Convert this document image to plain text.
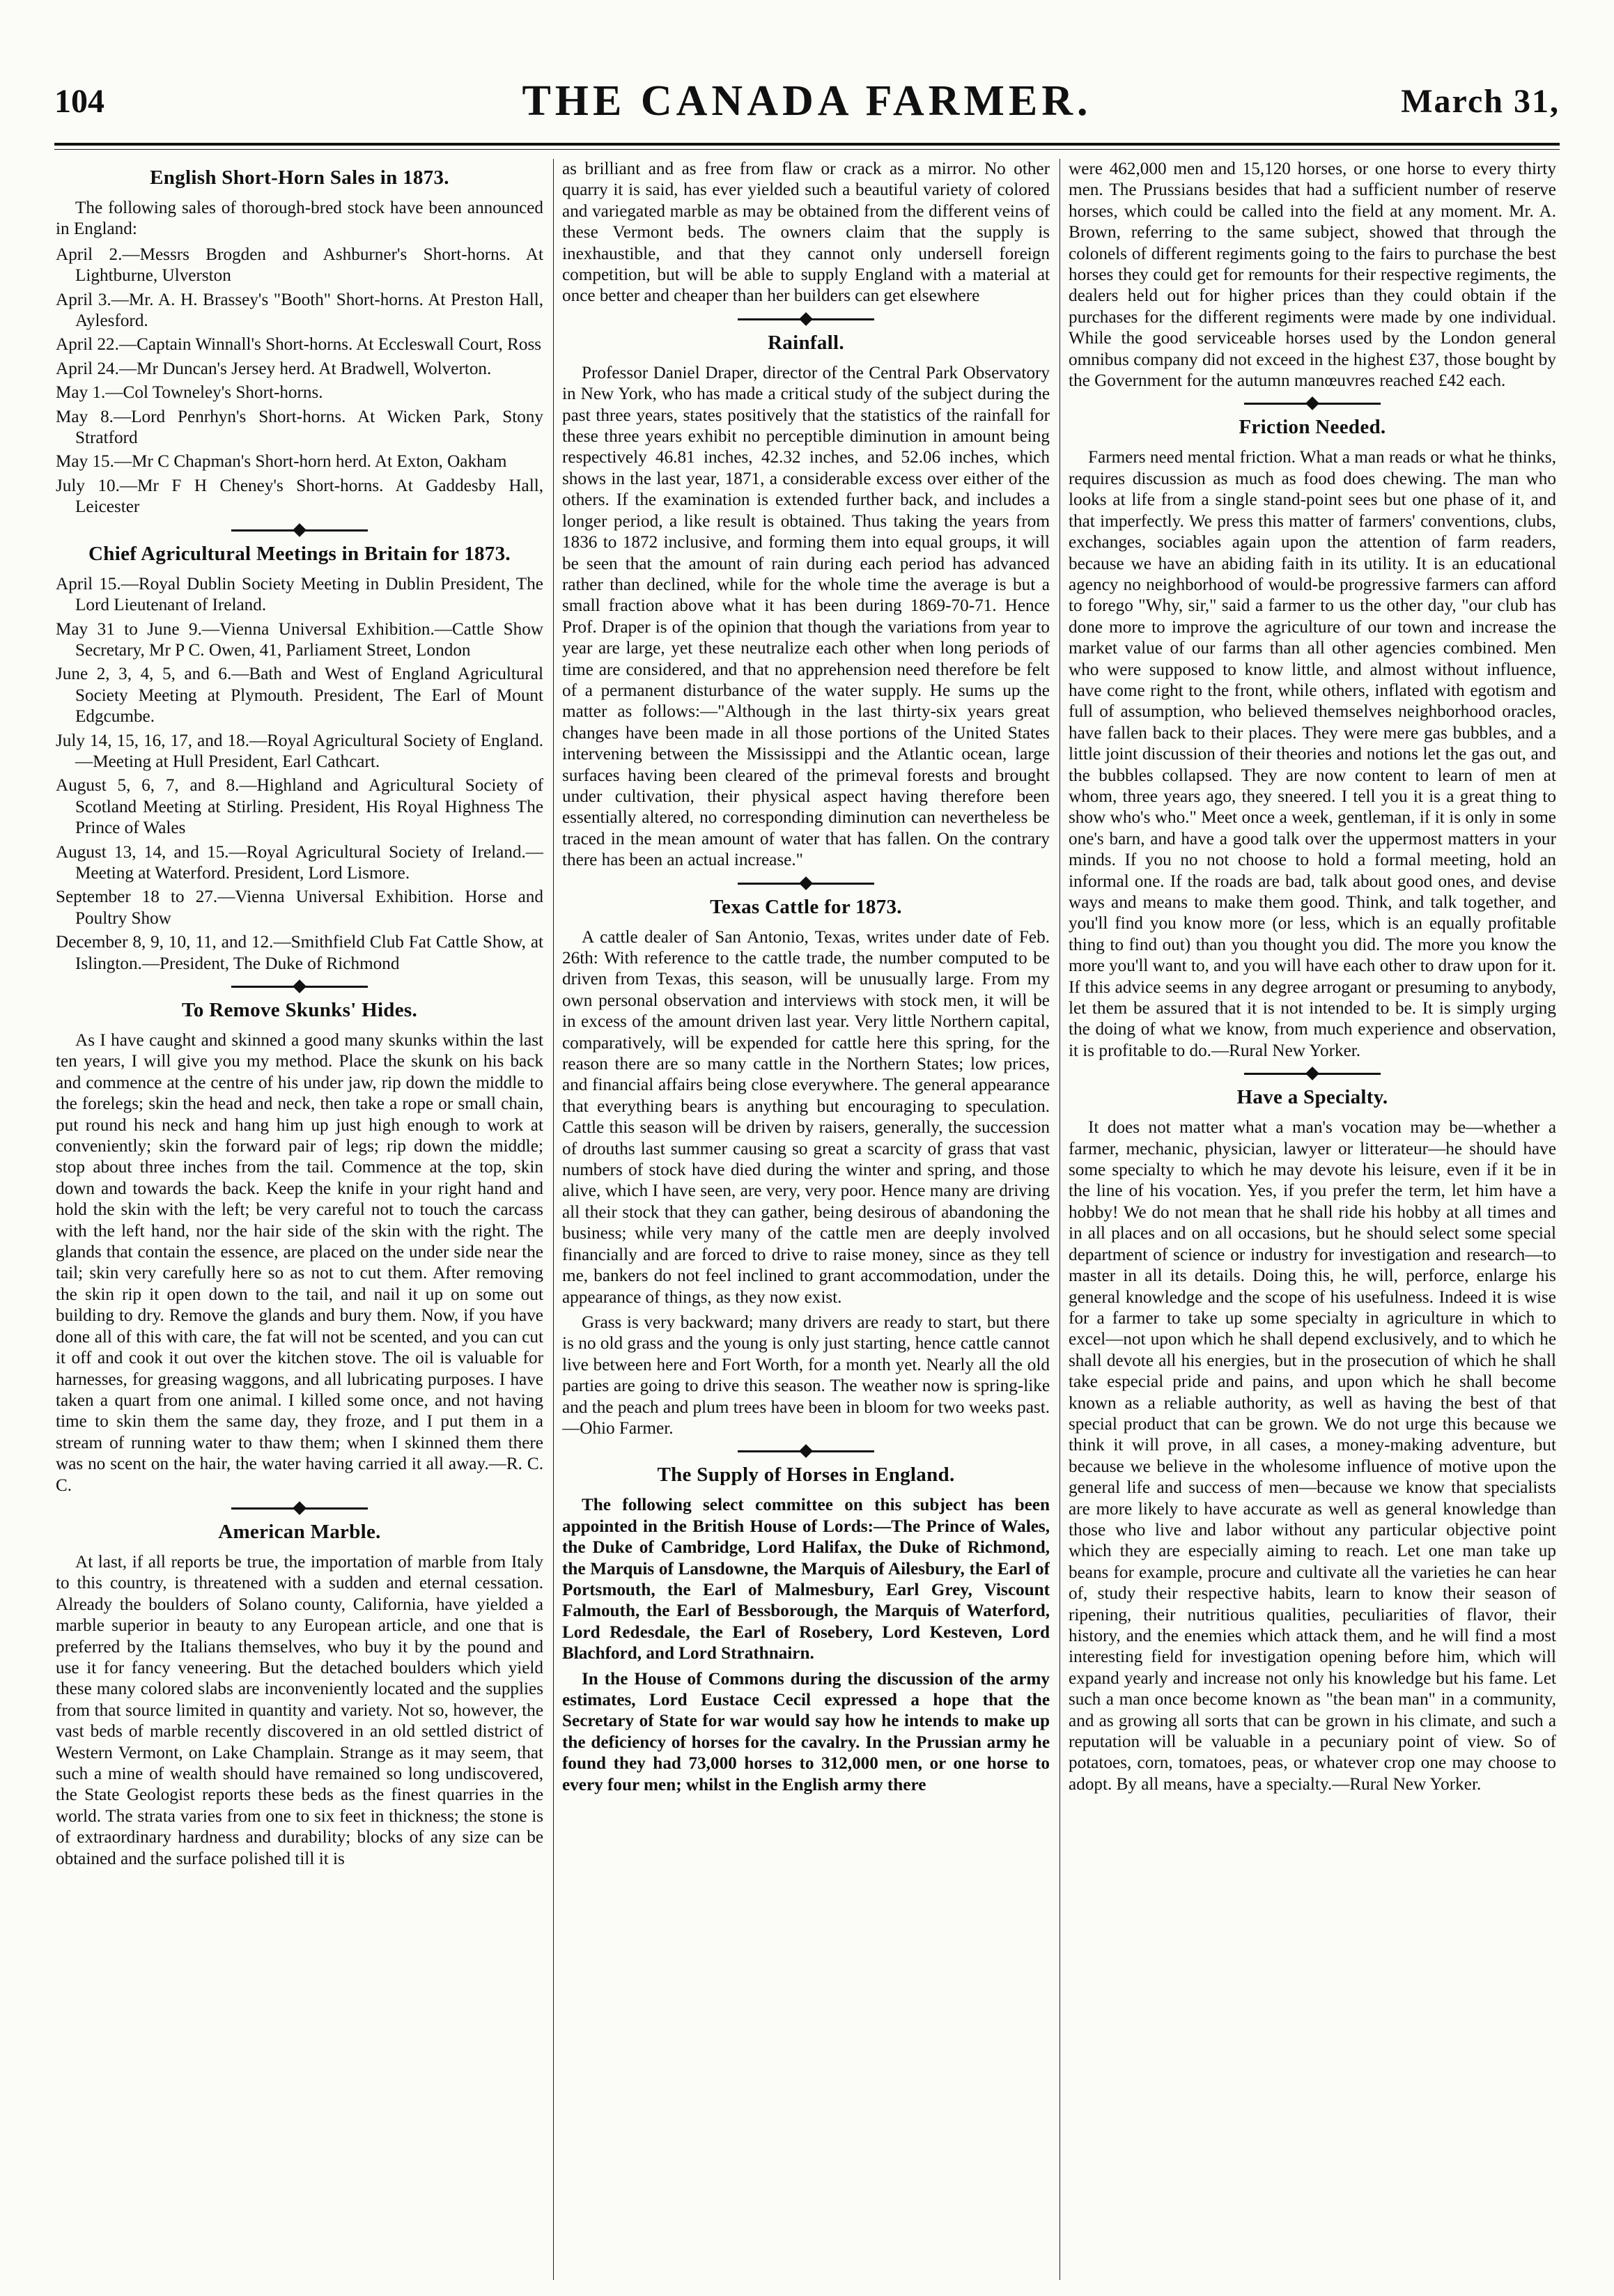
104	THE CANADA FARMER.	March 31,
English Short-Horn Sales in 1873.

The following sales of thorough-bred stock have been announced in England:

April 2.—Messrs Brogden and Ashburner's Short-horns. At Lightburne, Ulverston

April 3.—Mr. A. H. Brassey's "Booth" Short-horns. At Preston Hall, Aylesford.

April 22.—Captain Winnall's Short-horns. At Eccleswall Court, Ross

April 24.—Mr Duncan's Jersey herd. At Bradwell, Wolverton.

May 1.—Col Towneley's Short-horns.

May 8.—Lord Penrhyn's Short-horns. At Wicken Park, Stony Stratford

May 15.—Mr C Chapman's Short-horn herd. At Exton, Oakham

July 10.—Mr F H Cheney's Short-horns. At Gaddesby Hall, Leicester

Chief Agricultural Meetings in Britain for 1873.

April 15.—Royal Dublin Society Meeting in Dublin President, The Lord Lieutenant of Ireland.

May 31 to June 9.—Vienna Universal Exhibition.—Cattle Show Secretary, Mr P C. Owen, 41, Parliament Street, London

June 2, 3, 4, 5, and 6.—Bath and West of England Agricultural Society Meeting at Plymouth. President, The Earl of Mount Edgcumbe.

July 14, 15, 16, 17, and 18.—Royal Agricultural Society of England.—Meeting at Hull President, Earl Cathcart.

August 5, 6, 7, and 8.—Highland and Agricultural Society of Scotland Meeting at Stirling. President, His Royal Highness The Prince of Wales

August 13, 14, and 15.—Royal Agricultural Society of Ireland.—Meeting at Waterford. President, Lord Lismore.

September 18 to 27.—Vienna Universal Exhibition. Horse and Poultry Show

December 8, 9, 10, 11, and 12.—Smithfield Club Fat Cattle Show, at Islington.—President, The Duke of Richmond

To Remove Skunks' Hides.

As I have caught and skinned a good many skunks within the last ten years, I will give you my method. Place the skunk on his back and commence at the centre of his under jaw, rip down the middle to the forelegs; skin the head and neck, then take a rope or small chain, put round his neck and hang him up just high enough to work at conveniently; skin the forward pair of legs; rip down the middle; stop about three inches from the tail. Commence at the top, skin down and towards the back. Keep the knife in your right hand and hold the skin with the left; be very careful not to touch the carcass with the left hand, nor the hair side of the skin with the right. The glands that contain the essence, are placed on the under side near the tail; skin very carefully here so as not to cut them. After removing the skin rip it open down to the tail, and nail it up on some out building to dry. Remove the glands and bury them. Now, if you have done all of this with care, the fat will not be scented, and you can cut it off and cook it out over the kitchen stove. The oil is valuable for harnesses, for greasing waggons, and all lubricating purposes. I have taken a quart from one animal. I killed some once, and not having time to skin them the same day, they froze, and I put them in a stream of running water to thaw them; when I skinned them there was no scent on the hair, the water having carried it all away.—R. C. C.

American Marble.

At last, if all reports be true, the importation of marble from Italy to this country, is threatened with a sudden and eternal cessation. Already the boulders of Solano county, California, have yielded a marble superior in beauty to any European article, and one that is preferred by the Italians themselves, who buy it by the pound and use it for fancy veneering. But the detached boulders which yield these many colored slabs are inconveniently located and the supplies from that source limited in quantity and variety. Not so, however, the vast beds of marble recently discovered in an old settled district of Western Vermont, on Lake Champlain. Strange as it may seem, that such a mine of wealth should have remained so long undiscovered, the State Geologist reports these beds as the finest quarries in the world. The strata varies from one to six feet in thickness; the stone is of extraordinary hardness and durability; blocks of any size can be obtained and the surface polished till it is

as brilliant and as free from flaw or crack as a mirror. No other quarry it is said, has ever yielded such a beautiful variety of colored and variegated marble as may be obtained from the different veins of these Vermont beds. The owners claim that the supply is inexhaustible, and that they cannot only undersell foreign competition, but will be able to supply England with a material at once better and cheaper than her builders can get elsewhere

Rainfall.

Professor Daniel Draper, director of the Central Park Observatory in New York, who has made a critical study of the subject during the past three years, states positively that the statistics of the rainfall for these three years exhibit no perceptible diminution in amount being respectively 46.81 inches, 42.32 inches, and 52.06 inches, which shows in the last year, 1871, a considerable excess over either of the others. If the examination is extended further back, and includes a longer period, a like result is obtained. Thus taking the years from 1836 to 1872 inclusive, and forming them into equal groups, it will be seen that the amount of rain during each period has advanced rather than declined, while for the whole time the average is but a small fraction above what it has been during 1869-70-71. Hence Prof. Draper is of the opinion that though the variations from year to year are large, yet these neutralize each other when long periods of time are considered, and that no apprehension need therefore be felt of a permanent disturbance of the water supply. He sums up the matter as follows:—"Although in the last thirty-six years great changes have been made in all those portions of the United States intervening between the Mississippi and the Atlantic ocean, large surfaces having been cleared of the primeval forests and brought under cultivation, their physical aspect having therefore been essentially altered, no corresponding diminution can nevertheless be traced in the mean amount of water that has fallen. On the contrary there has been an actual increase."

Texas Cattle for 1873.

A cattle dealer of San Antonio, Texas, writes under date of Feb. 26th: With reference to the cattle trade, the number computed to be driven from Texas, this season, will be unusually large. From my own personal observation and interviews with stock men, it will be in excess of the amount driven last year. Very little Northern capital, comparatively, will be expended for cattle here this spring, for the reason there are so many cattle in the Northern States; low prices, and financial affairs being close everywhere. The general appearance that everything bears is anything but encouraging to speculation. Cattle this season will be driven by raisers, generally, the succession of drouths last summer causing so great a scarcity of grass that vast numbers of stock have died during the winter and spring, and those alive, which I have seen, are very, very poor. Hence many are driving all their stock that they can gather, being desirous of abandoning the business; while very many of the cattle men are deeply involved financially and are forced to drive to raise money, since as they tell me, bankers do not feel inclined to grant accommodation, under the appearance of things, as they now exist.

Grass is very backward; many drivers are ready to start, but there is no old grass and the young is only just starting, hence cattle cannot live between here and Fort Worth, for a month yet. Nearly all the old parties are going to drive this season. The weather now is spring-like and the peach and plum trees have been in bloom for two weeks past.—Ohio Farmer.

The Supply of Horses in England.

The following select committee on this subject has been appointed in the British House of Lords:—The Prince of Wales, the Duke of Cambridge, Lord Halifax, the Duke of Richmond, the Marquis of Lansdowne, the Marquis of Ailesbury, the Earl of Portsmouth, the Earl of Malmesbury, Earl Grey, Viscount Falmouth, the Earl of Bessborough, the Marquis of Waterford, Lord Redesdale, the Earl of Rosebery, Lord Kesteven, Lord Blachford, and Lord Strathnairn.

In the House of Commons during the discussion of the army estimates, Lord Eustace Cecil expressed a hope that the Secretary of State for war would say how he intends to make up the deficiency of horses for the cavalry. In the Prussian army he found they had 73,000 horses to 312,000 men, or one horse to every four men; whilst in the English army there

were 462,000 men and 15,120 horses, or one horse to every thirty men. The Prussians besides that had a sufficient number of reserve horses, which could be called into the field at any moment. Mr. A. Brown, referring to the same subject, showed that through the colonels of different regiments going to the fairs to purchase the best horses they could get for remounts for their respective regiments, the dealers held out for higher prices than they could obtain if the purchases for the different regiments were made by one individual. While the good serviceable horses used by the London general omnibus company did not exceed in the highest £37, those bought by the Government for the autumn manœuvres reached £42 each.

Friction Needed.

Farmers need mental friction. What a man reads or what he thinks, requires discussion as much as food does chewing. The man who looks at life from a single stand-point sees but one phase of it, and that imperfectly. We press this matter of farmers' conventions, clubs, exchanges, sociables again upon the attention of farm readers, because we have an abiding faith in its utility. It is an educational agency no neighborhood of would-be progressive farmers can afford to forego "Why, sir," said a farmer to us the other day, "our club has done more to improve the agriculture of our town and increase the market value of our farms than all other agencies combined. Men who were supposed to know little, and almost without influence, have come right to the front, while others, inflated with egotism and full of assumption, who believed themselves neighborhood oracles, have fallen back to their places. They were mere gas bubbles, and a little joint discussion of their theories and notions let the gas out, and the bubbles collapsed. They are now content to learn of men at whom, three years ago, they sneered. I tell you it is a great thing to show who's who." Meet once a week, gentleman, if it is only in some one's barn, and have a good talk over the uppermost matters in your minds. If you no not choose to hold a formal meeting, hold an informal one. If the roads are bad, talk about good ones, and devise ways and means to make them good. Think, and talk together, and you'll find you know more (or less, which is an equally profitable thing to find out) than you thought you did. The more you know the more you'll want to, and you will have each other to draw upon for it. If this advice seems in any degree arrogant or presuming to anybody, let them be assured that it is not intended to be. It is simply urging the doing of what we know, from much experience and observation, it is profitable to do.—Rural New Yorker.

Have a Specialty.

It does not matter what a man's vocation may be—whether a farmer, mechanic, physician, lawyer or litterateur—he should have some specialty to which he may devote his leisure, even if it be in the line of his vocation. Yes, if you prefer the term, let him have a hobby! We do not mean that he shall ride his hobby at all times and in all places and on all occasions, but he should select some special department of science or industry for investigation and research—to master in all its details. Doing this, he will, perforce, enlarge his general knowledge and the scope of his usefulness. Indeed it is wise for a farmer to take up some specialty in agriculture in which to excel—not upon which he shall depend exclusively, and to which he shall devote all his energies, but in the prosecution of which he shall take especial pride and pains, and upon which he shall become known as a reliable authority, as well as having the best of that special product that can be grown. We do not urge this because we think it will prove, in all cases, a money-making adventure, but because we believe in the wholesome influence of motive upon the general life and success of men—because we know that specialists are more likely to have accurate as well as general knowledge than those who live and labor without any particular objective point which they are especially aiming to reach. Let one man take up beans for example, procure and cultivate all the varieties he can hear of, study their respective habits, learn to know their season of ripening, their nutritious qualities, peculiarities of flavor, their history, and the enemies which attack them, and he will find a most interesting field for investigation opening before him, which will expand yearly and increase not only his knowledge but his fame. Let such a man once become known as "the bean man" in a community, and as growing all sorts that can be grown in his climate, and such a reputation will be valuable in a pecuniary point of view. So of potatoes, corn, tomatoes, peas, or whatever crop one may choose to adopt. By all means, have a specialty.—Rural New Yorker.
